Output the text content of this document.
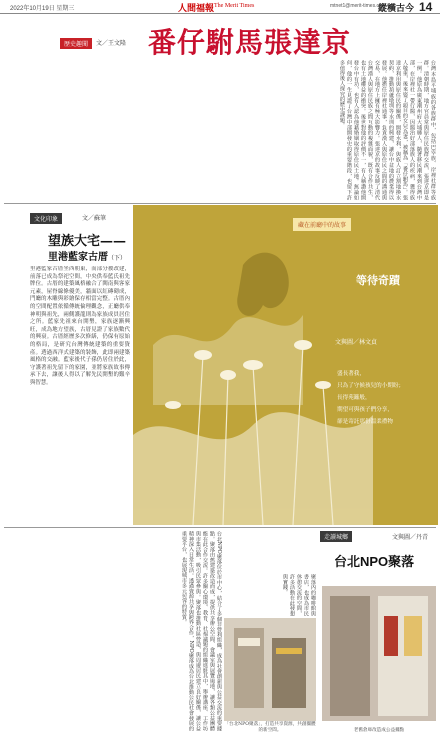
2022年10月19日 星期三	人間福報 The Merit Times	mtnet1@merit-times.com.tw
縱橫古今 14
歷史趣聞	文／王文隆 番仔駙馬張達京
台灣本島平埔族的各族群中，包括巴宰族、岸裡社群等族群。清朝時期，地方官員常與原住民族群交流，張達京即是一例。他原為廣東潮州府大埔縣人，隨著移民潮來到台灣中部，在岸裡社一帶行醫，因醫治好部落族人的疾病，獲得族人敬重，後來娶了頭目的女兒為妻，被稱為「番仔駙馬」。張達京利用與原住民的關係，開發水利，與族人訂立割地換水契約，推動葫蘆墩圳等水圳的興建，讓台中盆地的農業得以發展。他擔任岸裡社通事，負責漢人與原住民之間的溝通與交易，在地方上擁有極大影響力。張達京的故事反映了清代台灣漢人與原住民族之間互動的複雜面貌，既有合作共生，也有土地權益的衝突。後世對他的評價不一，有人稱讚他開發台中有功，也有人認為他藉婚姻取得原住民土地。無論如何，他的一生見證了台灣中部開發史的重要階段，也留下許多值得後人探究的歷史課題。
文化印象	文／蘇筆
望族大宅——
里港藍家古厝（下）
里港藍家古厝坐西朝東，而部分被改建，前落已成為祭祀空間，中央供奉藍氏祖先牌位。古厝的建築風格融合了閩南與客家元素，屋脊線條優美，牆面以紅磚砌成，門廳的木雕與彩繪保存相當完整。古厝內的空間配置依循傳統倫理觀念，正廳供奉神明與祖先，兩側護龍則為家族成員居住之所。藍家先祖來台開墾，家族逐漸興旺，成為地方望族，古厝見證了家族數代的興衰。古厝經歷多次修繕，仍保有原始的格局，是研究台灣傳統建築的重要資產。透過西洋式建築的裝飾，此即兩建築風格的交融。藍家後代子孫仍居住於此，守護著祖先留下的家園，並將家族故事傳承下去，讓後人得以了解先民開墾的艱辛與智慧。
藏在前廳中的故事
等待奇蹟
文與圖／林文貞
盛長著我，
只為了守候孩兒的小期盼；
長得苑籬般，
期望可與孩子們分享，
卻是寄託那份溫柔禮物
走讀城鄉	文與圖／丹青
台北NPO聚落
台北NPO聚落位於市中心，結合了多個非營利組織，成為社會創新與公益交流的重要據點。聚落由舊建築改造而成，提供共享辦公空間、會議室與展覽場地，讓各類公益團體能在此合作交流。許多關心環境、教育、社福議題的組織進駐其中，舉辦講座、工作坊與市集活動，吸引民眾參與。聚落也推動社區營造，與周邊居民建立良好關係，讓公益精神深入日常生活。透過資源共享與跨界合作，NPO聚落成為台北推動公民社會發展的重要平台，也展現城市多元包容的特質。	聚落內的咖啡館與書店，也成為市民休憩交流的空間，許多活動在此發想與實踐。
「台北NPO聚落」，打造共享資源，共創團體的新空間。	老舊倉庫改造成公益據點
